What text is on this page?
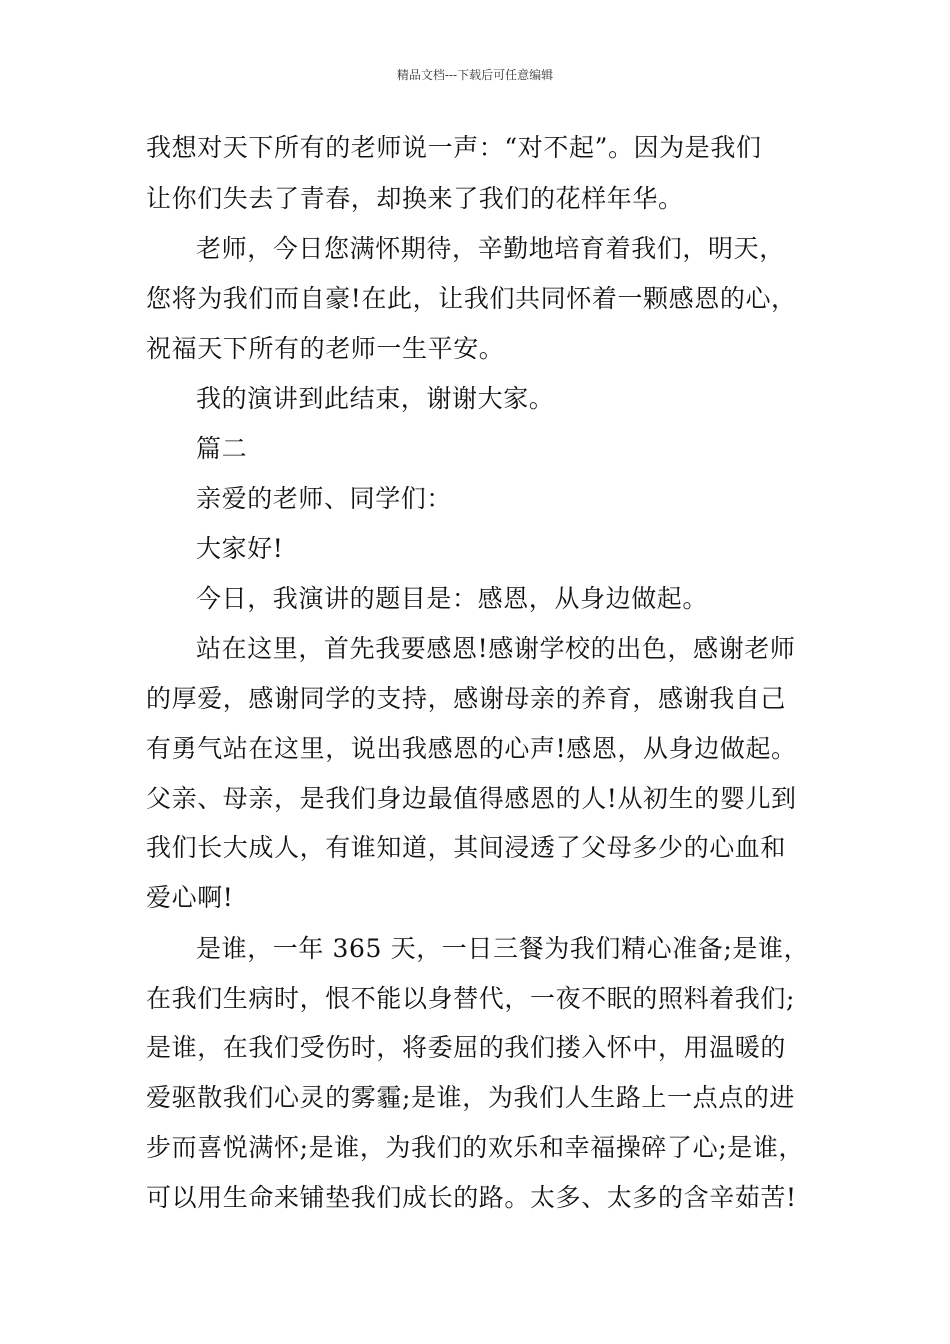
精品文档---下载后可任意编辑
我想对天下所有的老师说一声：“对不起”。因为是我们
让你们失去了青春，却换来了我们的花样年华。
老师，今日您满怀期待，辛勤地培育着我们，明天，
您将为我们而自豪!在此，让我们共同怀着一颗感恩的心，
祝福天下所有的老师一生平安。
我的演讲到此结束，谢谢大家。
篇二
亲爱的老师、同学们：
大家好!
今日，我演讲的题目是：感恩，从身边做起。
站在这里，首先我要感恩!感谢学校的出色，感谢老师
的厚爱，感谢同学的支持，感谢母亲的养育，感谢我自己
有勇气站在这里，说出我感恩的心声!感恩，从身边做起。
父亲、母亲，是我们身边最值得感恩的人!从初生的婴儿到
我们长大成人，有谁知道，其间浸透了父母多少的心血和
爱心啊!
是谁，一年 365 天，一日三餐为我们精心准备;是谁，
在我们生病时，恨不能以身替代，一夜不眠的照料着我们;
是谁，在我们受伤时，将委屈的我们搂入怀中，用温暖的
爱驱散我们心灵的雾霾;是谁，为我们人生路上一点点的进
步而喜悦满怀;是谁，为我们的欢乐和幸福操碎了心;是谁，
可以用生命来铺垫我们成长的路。太多、太多的含辛茹苦!
